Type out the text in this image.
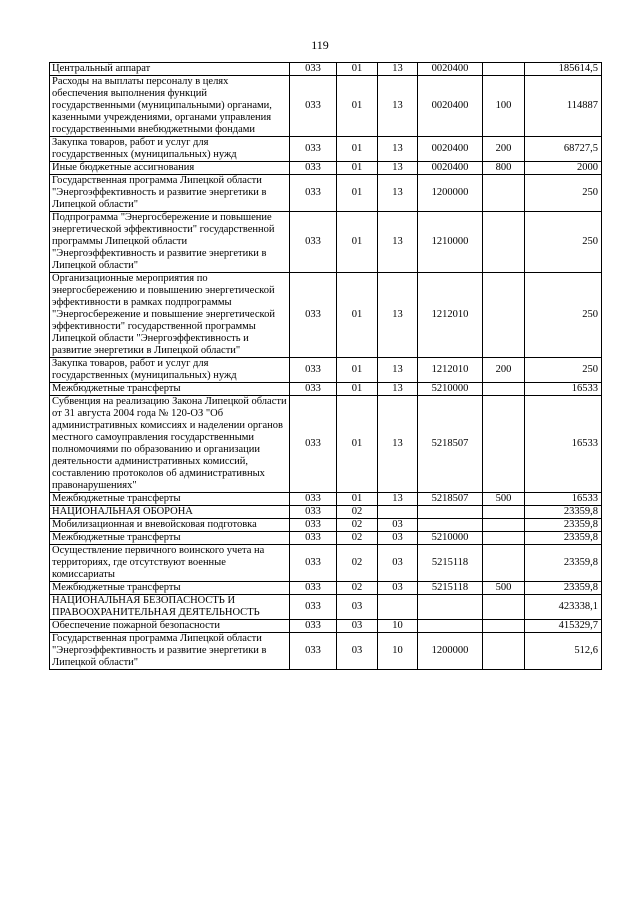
119
Центральный аппарат	033	01	13	0020400		185614,5
Расходы на выплаты персоналу в целях обеспечения выполнения функций государственными (муниципальными) органами, казенными учреждениями, органами управления государственными внебюджетными фондами	033	01	13	0020400	100	114887
Закупка товаров, работ и услуг для государственных (муниципальных) нужд	033	01	13	0020400	200	68727,5
Иные бюджетные ассигнования	033	01	13	0020400	800	2000
Государственная программа Липецкой области "Энергоэффективность и развитие энергетики в Липецкой области"	033	01	13	1200000		250
Подпрограмма "Энергосбережение и повышение энергетической эффективности" государственной программы Липецкой области "Энергоэффективность и развитие энергетики в Липецкой области"	033	01	13	1210000		250
Организационные мероприятия по энергосбережению и повышению энергетической эффективности в рамках подпрограммы "Энергосбережение и повышение энергетической эффективности" государственной программы Липецкой области "Энергоэффективность и развитие энергетики в Липецкой области"	033	01	13	1212010		250
Закупка товаров, работ и услуг для государственных (муниципальных) нужд	033	01	13	1212010	200	250
Межбюджетные трансферты	033	01	13	5210000		16533
Субвенция на реализацию Закона Липецкой области от 31 августа 2004 года № 120-ОЗ "Об административных комиссиях и наделении органов местного самоуправления государственными полномочиями по образованию и организации деятельности административных комиссий, составлению протоколов об административных правонарушениях"	033	01	13	5218507		16533
Межбюджетные трансферты	033	01	13	5218507	500	16533
НАЦИОНАЛЬНАЯ ОБОРОНА	033	02				23359,8
Мобилизационная и вневойсковая подготовка	033	02	03			23359,8
Межбюджетные трансферты	033	02	03	5210000		23359,8
Осуществление первичного воинского учета на территориях, где отсутствуют военные комиссариаты	033	02	03	5215118		23359,8
Межбюджетные трансферты	033	02	03	5215118	500	23359,8
НАЦИОНАЛЬНАЯ БЕЗОПАСНОСТЬ И ПРАВООХРАНИТЕЛЬНАЯ ДЕЯТЕЛЬНОСТЬ	033	03				423338,1
Обеспечение пожарной безопасности	033	03	10			415329,7
Государственная программа Липецкой области "Энергоэффективность и развитие энергетики в Липецкой области"	033	03	10	1200000		512,6
